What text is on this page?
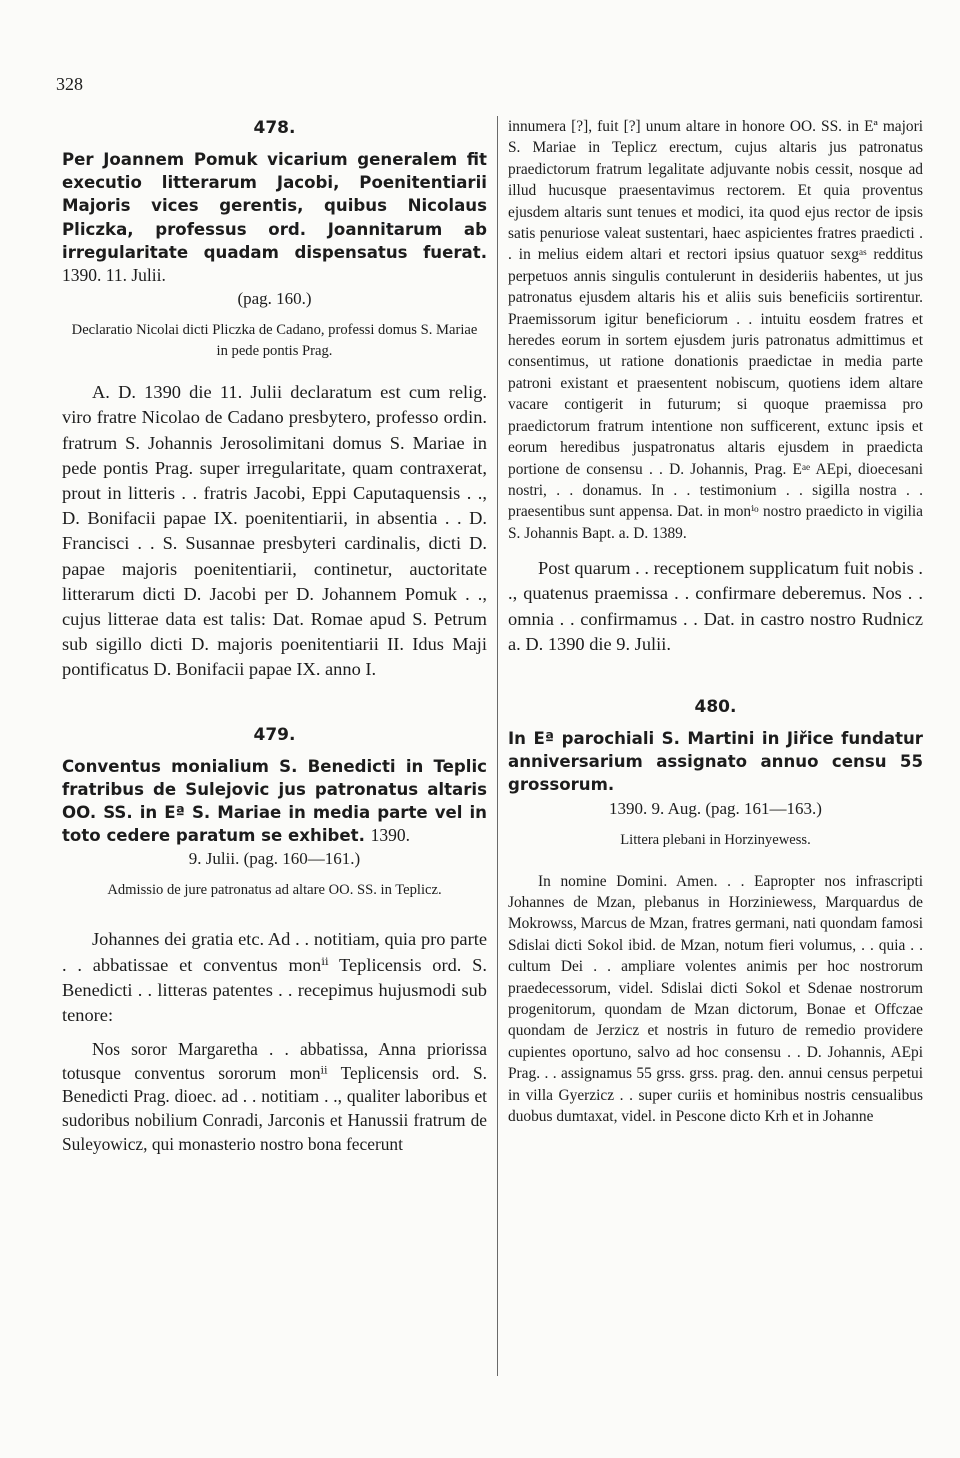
328

478.

Per Joannem Pomuk vicarium generalem fit executio litterarum Jacobi, Poenitentiarii Majoris vices gerentis, quibus Nicolaus Pliczka, professus ord. Joannitarum ab irregularitate quadam dispensatus fuerat. 1390. 11. Julii.

(pag. 160.)

Declaratio Nicolai dicti Pliczka de Cadano, professi domus S. Mariae in pede pontis Prag.

A. D. 1390 die 11. Julii declaratum est cum relig. viro fratre Nicolao de Cadano presbytero, professo ordin. fratrum S. Johannis Jerosolimitani domus S. Mariae in pede pontis Prag. super irregularitate, quam contraxerat, prout in litteris . . fratris Jacobi, Eppi Caputaquensis . ., D. Bonifacii papae IX. poenitentiarii, in absentia . . D. Francisci . . S. Susannae presbyteri cardinalis, dicti D. papae majoris poenitentiarii, continetur, auctoritate litterarum dicti D. Jacobi per D. Johannem Pomuk . ., cujus litterae data est talis: Dat. Romae apud S. Petrum sub sigillo dicti D. majoris poenitentiarii II. Idus Maji pontificatus D. Bonifacii papae IX. anno I.

479.

Conventus monialium S. Benedicti in Teplic fratribus de Sulejovic jus patronatus altaris OO. SS. in Eª S. Mariae in media parte vel in toto cedere paratum se exhibet. 1390.

9. Julii. (pag. 160—161.)

Admissio de jure patronatus ad altare OO. SS. in Teplicz.

Johannes dei gratia etc. Ad . . notitiam, quia pro parte . . abbatissae et conventus monⁱⁱ Teplicensis ord. S. Benedicti . . litteras patentes . . recepimus hujusmodi sub tenore:

Nos soror Margaretha . . abbatissa, Anna priorissa totusque conventus sororum monⁱⁱ Teplicensis ord. S. Benedicti Prag. dioec. ad . . notitiam . ., qualiter laboribus et sudoribus nobilium Conradi, Jarconis et Hanussii fratrum de Suleyowicz, qui monasterio nostro bona fecerunt

innumera [?], fuit [?] unum altare in honore OO. SS. in Eª majori S. Mariae in Teplicz erectum, cujus altaris jus patronatus praedictorum fratrum legalitate adjuvante nobis cessit, nosque ad illud hucusque praesentavimus rectorem. Et quia proventus ejusdem altaris sunt tenues et modici, ita quod ejus rector de ipsis satis penuriose valeat sustentari, haec aspicientes fratres praedicti . . in melius eidem altari et rectori ipsius quatuor sexgᵃˢ redditus perpetuos annis singulis contulerunt in desideriis habentes, ut jus patronatus ejusdem altaris his et aliis suis beneficiis sortirentur. Praemissorum igitur beneficiorum . . intuitu eosdem fratres et heredes eorum in sortem ejusdem juris patronatus admittimus et consentimus, ut ratione donationis praedictae in media parte patroni existant et praesentent nobiscum, quotiens idem altare vacare contigerit in futurum; si quoque praemissa pro praedictorum fratrum intentione non sufficerent, extunc ipsis et eorum heredibus juspatronatus altaris ejusdem in praedicta portione de consensu . . D. Johannis, Prag. Eᵃᵉ AEpi, dioecesani nostri, . . donamus. In . . testimonium . . sigilla nostra . . praesentibus sunt appensa. Dat. in monⁱᵒ nostro praedicto in vigilia S. Johannis Bapt. a. D. 1389.

Post quarum . . receptionem supplicatum fuit nobis . ., quatenus praemissa . . confirmare deberemus. Nos . . omnia . . confirmamus . . Dat. in castro nostro Rudnicz a. D. 1390 die 9. Julii.

480.

In Eª parochiali S. Martini in Jiřice fundatur anniversarium assignato annuo censu 55 grossorum.

1390. 9. Aug. (pag. 161—163.)

Littera plebani in Horzinyewess.

In nomine Domini. Amen. . . Eapropter nos infrascripti Johannes de Mzan, plebanus in Horziniewess, Marquardus de Mokrowss, Marcus de Mzan, fratres germani, nati quondam famosi Sdislai dicti Sokol ibid. de Mzan, notum fieri volumus, . . quia . . cultum Dei . . ampliare volentes animis per hoc nostrorum praedecessorum, videl. Sdislai dicti Sokol et Sdenae nostrorum progenitorum, quondam de Mzan dictorum, Bonae et Offczae quondam de Jerzicz et nostris in futuro de remedio providere cupientes oportuno, salvo ad hoc consensu . . D. Johannis, AEpi Prag. . . assignamus 55 grss. grss. prag. den. annui census perpetui in villa Gyerzicz . . super curiis et hominibus nostris censualibus duobus dumtaxat, videl. in Pescone dicto Krh et in Johanne
